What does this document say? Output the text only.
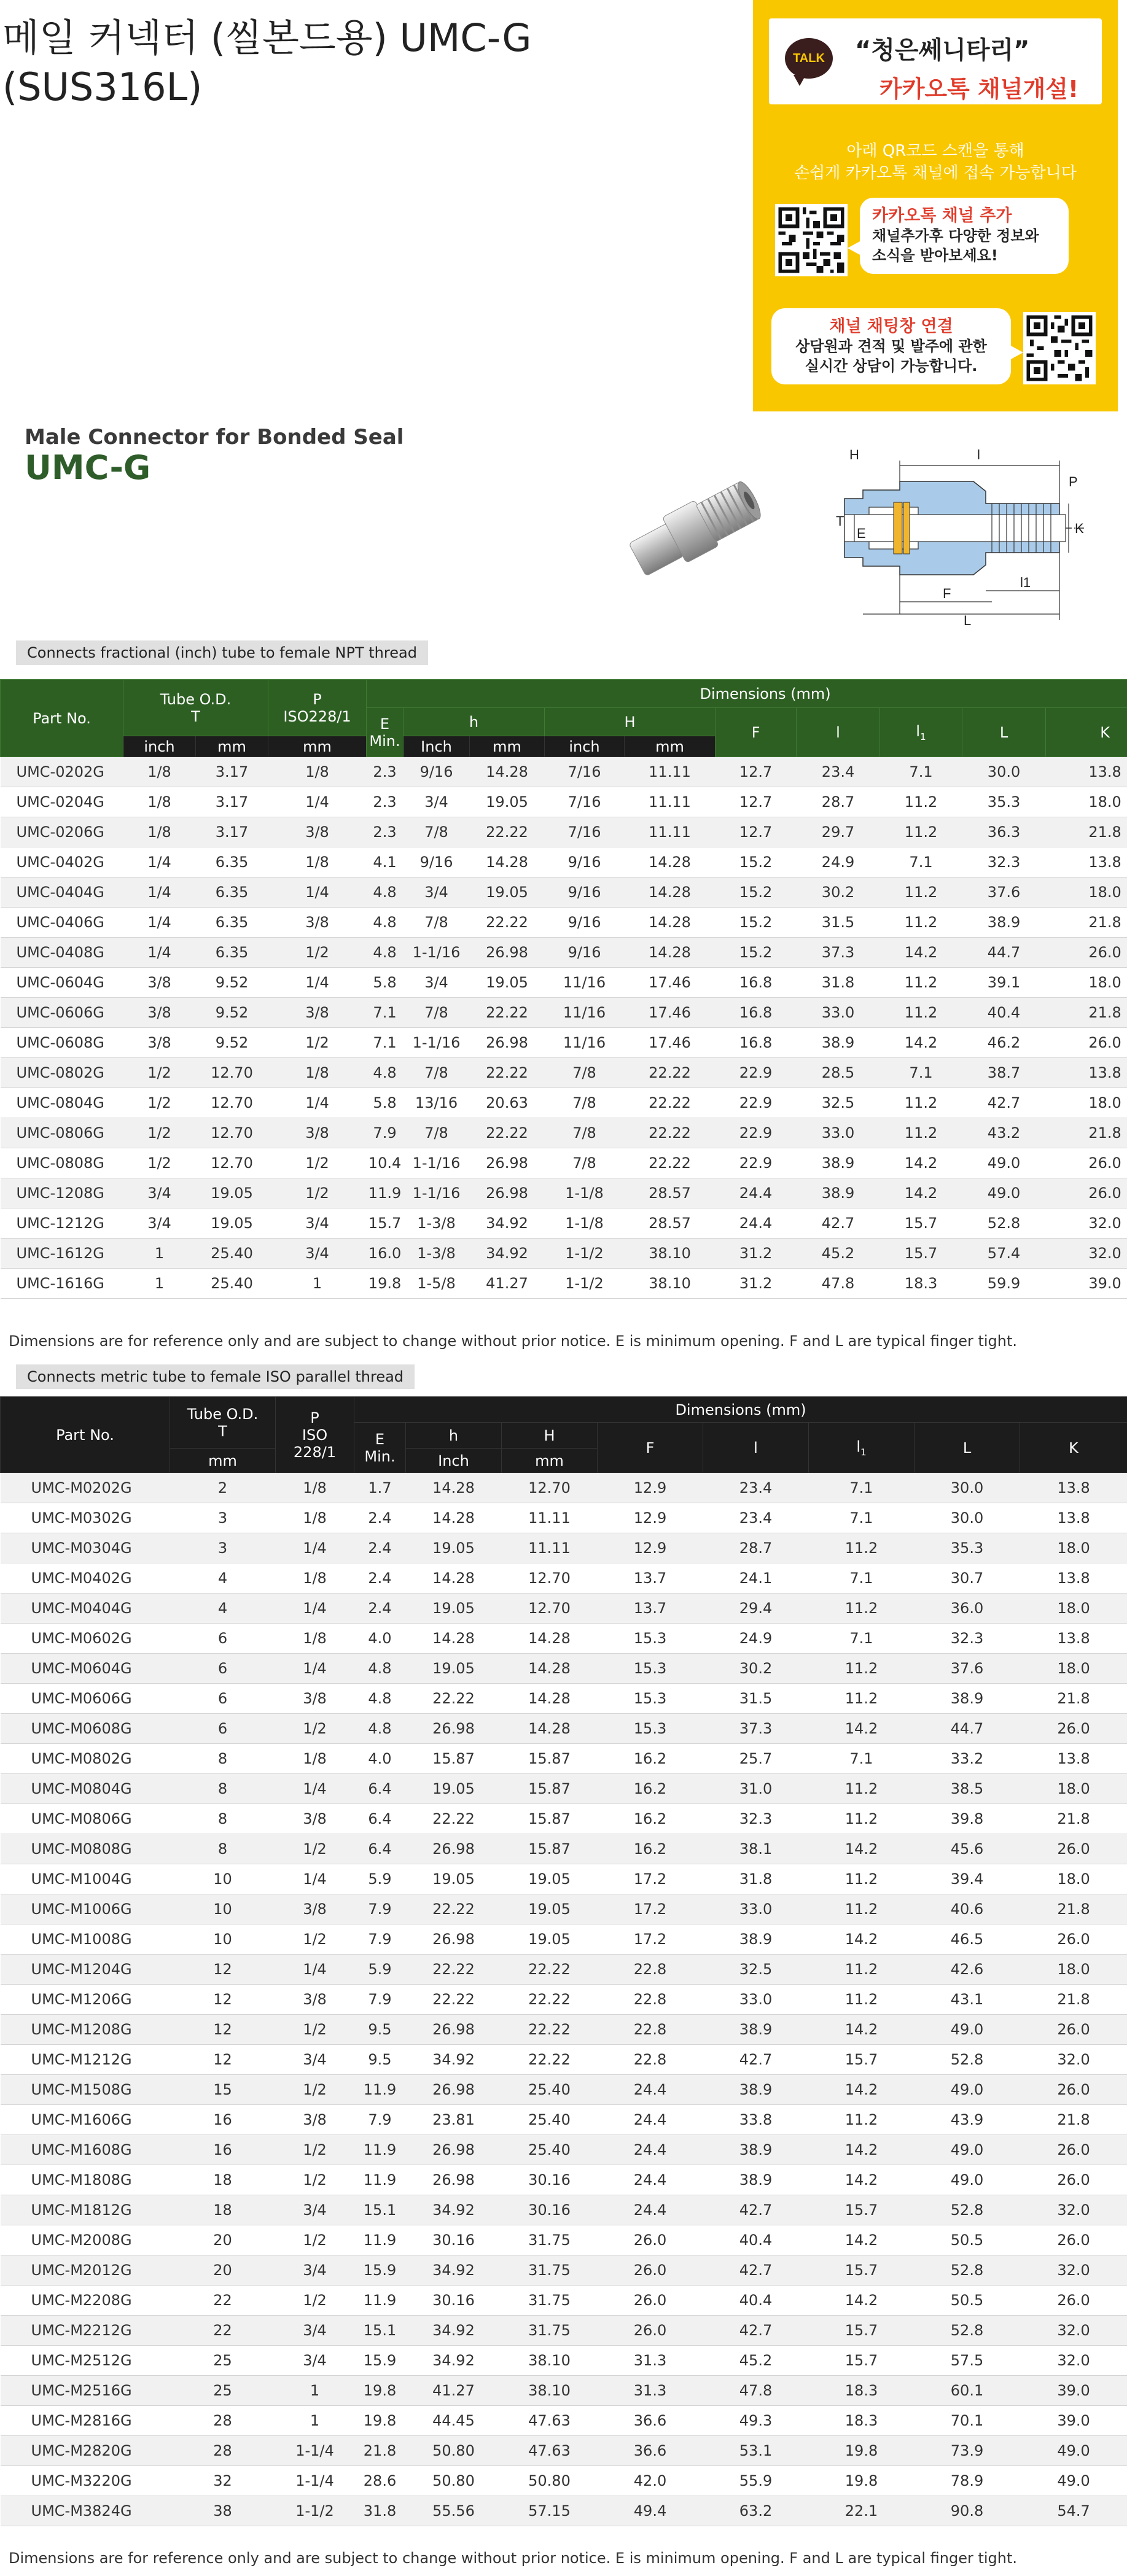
메일 커넥터 (씰본드용) UMC-G
(SUS316L)
TALK	“청은쎄니타리”
카카오톡 채널개설!
아래 QR코드 스캔을 통해
손쉽게 카카오톡 채널에 접속 가능합니다
카카오톡 채널 추가
채널추가후 다양한 정보와
소식을 받아보세요!
채널 채팅창 연결
상담원과 견적 및 발주에 관한
실시간 상담이 가능합니다.
Male Connector for Bonded Seal
UMC-G	H	l
P
T
E	K
F
l1
L
Connects fractional (inch) tube to female NPT thread
Part No.	Tube O.D.
T		P
ISO228/1	Dimensions (mm)									
				E
Min.	h		H		F	l	$l_1$	L	K
	inch	mm	mm		Inch	mm	inch	mm					
UMC-0202G	1/8	3.17	1/8	2.3	9/16	14.28	7/16	11.11	12.7	23.4	7.1	30.0	13.8
UMC-0204G	1/8	3.17	1/4	2.3	3/4	19.05	7/16	11.11	12.7	28.7	11.2	35.3	18.0
UMC-0206G	1/8	3.17	3/8	2.3	7/8	22.22	7/16	11.11	12.7	29.7	11.2	36.3	21.8
UMC-0402G	1/4	6.35	1/8	4.1	9/16	14.28	9/16	14.28	15.2	24.9	7.1	32.3	13.8
UMC-0404G	1/4	6.35	1/4	4.8	3/4	19.05	9/16	14.28	15.2	30.2	11.2	37.6	18.0
UMC-0406G	1/4	6.35	3/8	4.8	7/8	22.22	9/16	14.28	15.2	31.5	11.2	38.9	21.8
UMC-0408G	1/4	6.35	1/2	4.8	1-1/16	26.98	9/16	14.28	15.2	37.3	14.2	44.7	26.0
UMC-0604G	3/8	9.52	1/4	5.8	3/4	19.05	11/16	17.46	16.8	31.8	11.2	39.1	18.0
UMC-0606G	3/8	9.52	3/8	7.1	7/8	22.22	11/16	17.46	16.8	33.0	11.2	40.4	21.8
UMC-0608G	3/8	9.52	1/2	7.1	1-1/16	26.98	11/16	17.46	16.8	38.9	14.2	46.2	26.0
UMC-0802G	1/2	12.70	1/8	4.8	7/8	22.22	7/8	22.22	22.9	28.5	7.1	38.7	13.8
UMC-0804G	1/2	12.70	1/4	5.8	13/16	20.63	7/8	22.22	22.9	32.5	11.2	42.7	18.0
UMC-0806G	1/2	12.70	3/8	7.9	7/8	22.22	7/8	22.22	22.9	33.0	11.2	43.2	21.8
UMC-0808G	1/2	12.70	1/2	10.4	1-1/16	26.98	7/8	22.22	22.9	38.9	14.2	49.0	26.0
UMC-1208G	3/4	19.05	1/2	11.9	1-1/16	26.98	1-1/8	28.57	24.4	38.9	14.2	49.0	26.0
UMC-1212G	3/4	19.05	3/4	15.7	1-3/8	34.92	1-1/8	28.57	24.4	42.7	15.7	52.8	32.0
UMC-1612G	1	25.40	3/4	16.0	1-3/8	34.92	1-1/2	38.10	31.2	45.2	15.7	57.4	32.0
UMC-1616G	1	25.40	1	19.8	1-5/8	41.27	1-1/2	38.10	31.2	47.8	18.3	59.9	39.0
Dimensions are for reference only and are subject to change without prior notice. E is minimum opening. F and L are typical finger tight.
Connects metric tube to female ISO parallel thread
Part No.	Tube O.D.
T	P
ISO
228/1	Dimensions (mm)							
			E
Min.	h	H	F	l	$l_1$	L	K
	mm			Inch	mm					
UMC-M0202G	2	1/8	1.7	14.28	12.70	12.9	23.4	7.1	30.0	13.8
UMC-M0302G	3	1/8	2.4	14.28	11.11	12.9	23.4	7.1	30.0	13.8
UMC-M0304G	3	1/4	2.4	19.05	11.11	12.9	28.7	11.2	35.3	18.0
UMC-M0402G	4	1/8	2.4	14.28	12.70	13.7	24.1	7.1	30.7	13.8
UMC-M0404G	4	1/4	2.4	19.05	12.70	13.7	29.4	11.2	36.0	18.0
UMC-M0602G	6	1/8	4.0	14.28	14.28	15.3	24.9	7.1	32.3	13.8
UMC-M0604G	6	1/4	4.8	19.05	14.28	15.3	30.2	11.2	37.6	18.0
UMC-M0606G	6	3/8	4.8	22.22	14.28	15.3	31.5	11.2	38.9	21.8
UMC-M0608G	6	1/2	4.8	26.98	14.28	15.3	37.3	14.2	44.7	26.0
UMC-M0802G	8	1/8	4.0	15.87	15.87	16.2	25.7	7.1	33.2	13.8
UMC-M0804G	8	1/4	6.4	19.05	15.87	16.2	31.0	11.2	38.5	18.0
UMC-M0806G	8	3/8	6.4	22.22	15.87	16.2	32.3	11.2	39.8	21.8
UMC-M0808G	8	1/2	6.4	26.98	15.87	16.2	38.1	14.2	45.6	26.0
UMC-M1004G	10	1/4	5.9	19.05	19.05	17.2	31.8	11.2	39.4	18.0
UMC-M1006G	10	3/8	7.9	22.22	19.05	17.2	33.0	11.2	40.6	21.8
UMC-M1008G	10	1/2	7.9	26.98	19.05	17.2	38.9	14.2	46.5	26.0
UMC-M1204G	12	1/4	5.9	22.22	22.22	22.8	32.5	11.2	42.6	18.0
UMC-M1206G	12	3/8	7.9	22.22	22.22	22.8	33.0	11.2	43.1	21.8
UMC-M1208G	12	1/2	9.5	26.98	22.22	22.8	38.9	14.2	49.0	26.0
UMC-M1212G	12	3/4	9.5	34.92	22.22	22.8	42.7	15.7	52.8	32.0
UMC-M1508G	15	1/2	11.9	26.98	25.40	24.4	38.9	14.2	49.0	26.0
UMC-M1606G	16	3/8	7.9	23.81	25.40	24.4	33.8	11.2	43.9	21.8
UMC-M1608G	16	1/2	11.9	26.98	25.40	24.4	38.9	14.2	49.0	26.0
UMC-M1808G	18	1/2	11.9	26.98	30.16	24.4	38.9	14.2	49.0	26.0
UMC-M1812G	18	3/4	15.1	34.92	30.16	24.4	42.7	15.7	52.8	32.0
UMC-M2008G	20	1/2	11.9	30.16	31.75	26.0	40.4	14.2	50.5	26.0
UMC-M2012G	20	3/4	15.9	34.92	31.75	26.0	42.7	15.7	52.8	32.0
UMC-M2208G	22	1/2	11.9	30.16	31.75	26.0	40.4	14.2	50.5	26.0
UMC-M2212G	22	3/4	15.1	34.92	31.75	26.0	42.7	15.7	52.8	32.0
UMC-M2512G	25	3/4	15.9	34.92	38.10	31.3	45.2	15.7	57.5	32.0
UMC-M2516G	25	1	19.8	41.27	38.10	31.3	47.8	18.3	60.1	39.0
UMC-M2816G	28	1	19.8	44.45	47.63	36.6	49.3	18.3	70.1	39.0
UMC-M2820G	28	1-1/4	21.8	50.80	47.63	36.6	53.1	19.8	73.9	49.0
UMC-M3220G	32	1-1/4	28.6	50.80	50.80	42.0	55.9	19.8	78.9	49.0
UMC-M3824G	38	1-1/2	31.8	55.56	57.15	49.4	63.2	22.1	90.8	54.7
Dimensions are for reference only and are subject to change without prior notice. E is minimum opening. F and L are typical finger tight.
